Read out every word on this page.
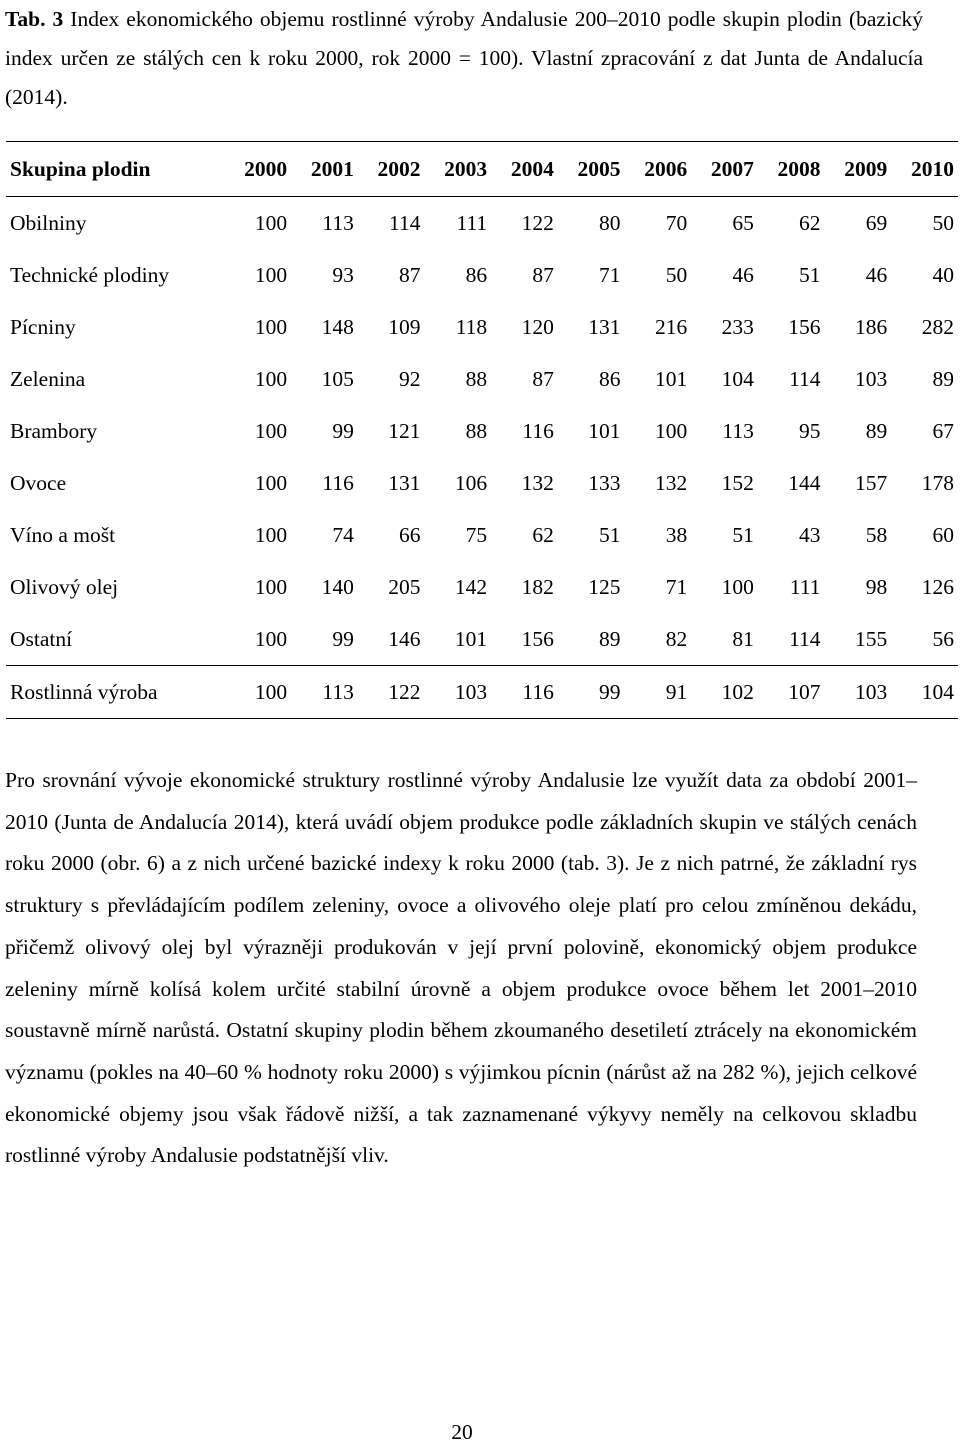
Tab. 3 Index ekonomického objemu rostlinné výroby Andalusie 200–2010 podle skupin plodin (bazický index určen ze stálých cen k roku 2000, rok 2000 = 100). Vlastní zpracování z dat Junta de Andalucía (2014).
Skupina plodin	2000	2001	2002	2003	2004	2005	2006	2007	2008	2009	2010
Obilniny	100	113	114	111	122	80	70	65	62	69	50
Technické plodiny	100	93	87	86	87	71	50	46	51	46	40
Pícniny	100	148	109	118	120	131	216	233	156	186	282
Zelenina	100	105	92	88	87	86	101	104	114	103	89
Brambory	100	99	121	88	116	101	100	113	95	89	67
Ovoce	100	116	131	106	132	133	132	152	144	157	178
Víno a mošt	100	74	66	75	62	51	38	51	43	58	60
Olivový olej	100	140	205	142	182	125	71	100	111	98	126
Ostatní	100	99	146	101	156	89	82	81	114	155	56
Rostlinná výroba	100	113	122	103	116	99	91	102	107	103	104

Pro srovnání vývoje ekonomické struktury rostlinné výroby Andalusie lze využít data za období 2001–2010 (Junta de Andalucía 2014), která uvádí objem produkce podle základních skupin ve stálých cenách roku 2000 (obr. 6) a z nich určené bazické indexy k roku 2000 (tab. 3). Je z nich patrné, že základní rys struktury s převládajícím podílem zeleniny, ovoce a olivového oleje platí pro celou zmíněnou dekádu, přičemž olivový olej byl výrazněji produkován v její první polovině, ekonomický objem produkce zeleniny mírně kolísá kolem určité stabilní úrovně a objem produkce ovoce během let 2001–2010 soustavně mírně narůstá. Ostatní skupiny plodin během zkoumaného desetiletí ztrácely na ekonomickém významu (pokles na 40–60 % hodnoty roku 2000) s výjimkou pícnin (nárůst až na 282 %), jejich celkové ekonomické objemy jsou však řádově nižší, a tak zaznamenané výkyvy neměly na celkovou skladbu rostlinné výroby Andalusie podstatnější vliv.

20
